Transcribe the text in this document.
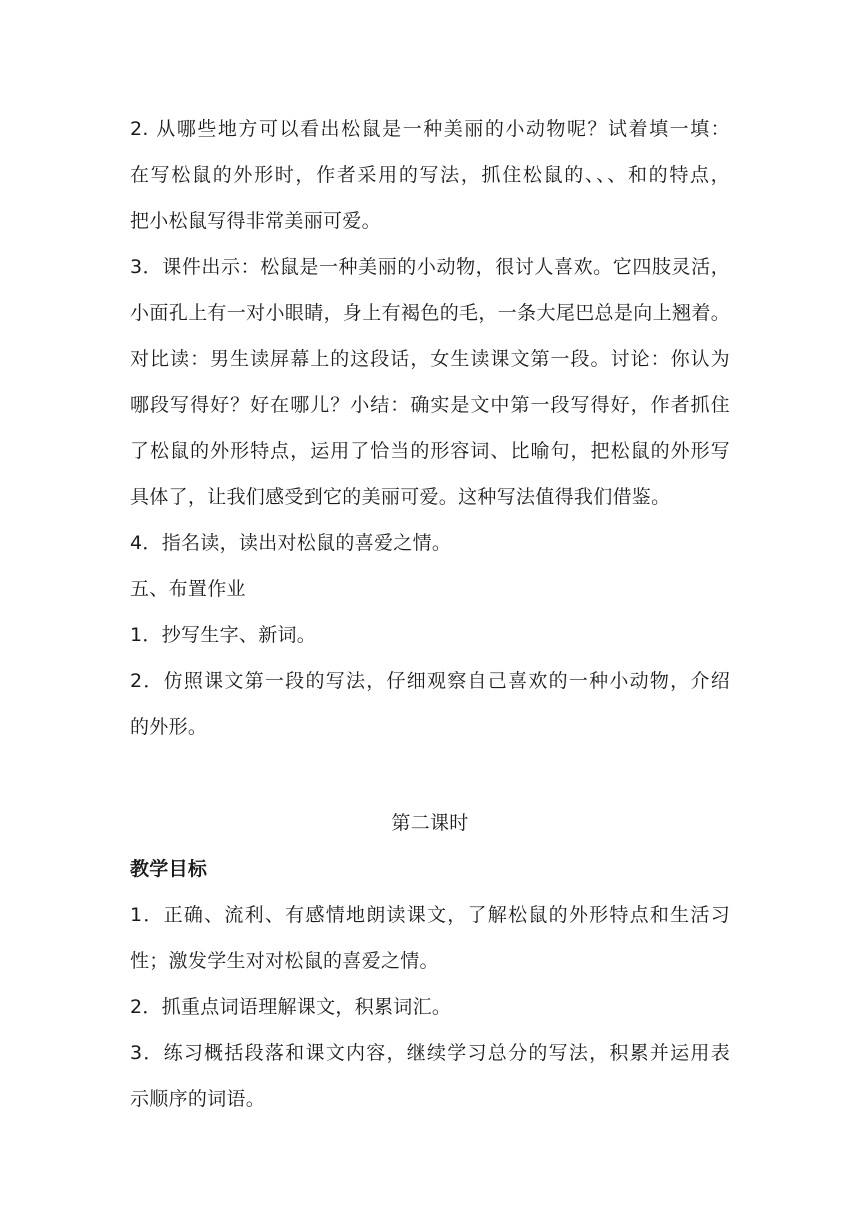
2. 从哪些地方可以看出松鼠是一种美丽的小动物呢？试着填一填：
在写松鼠的外形时，作者采用的写法，抓住松鼠的、、、和的特点，
把小松鼠写得非常美丽可爱。
3．课件出示：松鼠是一种美丽的小动物，很讨人喜欢。它四肢灵活，
小面孔上有一对小眼睛，身上有褐色的毛，一条大尾巴总是向上翘着。
对比读：男生读屏幕上的这段话，女生读课文第一段。讨论：你认为
哪段写得好？好在哪儿？小结：确实是文中第一段写得好，作者抓住
了松鼠的外形特点，运用了恰当的形容词、比喻句，把松鼠的外形写
具体了，让我们感受到它的美丽可爱。这种写法值得我们借鉴。
4．指名读，读出对松鼠的喜爱之情。
五、布置作业
1．抄写生字、新词。
2．仿照课文第一段的写法，仔细观察自己喜欢的一种小动物，介绍
的外形。
第二课时
教学目标
1．正确、流利、有感情地朗读课文，了解松鼠的外形特点和生活习
性；激发学生对对松鼠的喜爱之情。
2．抓重点词语理解课文，积累词汇。
3．练习概括段落和课文内容，继续学习总分的写法，积累并运用表
示顺序的词语。
